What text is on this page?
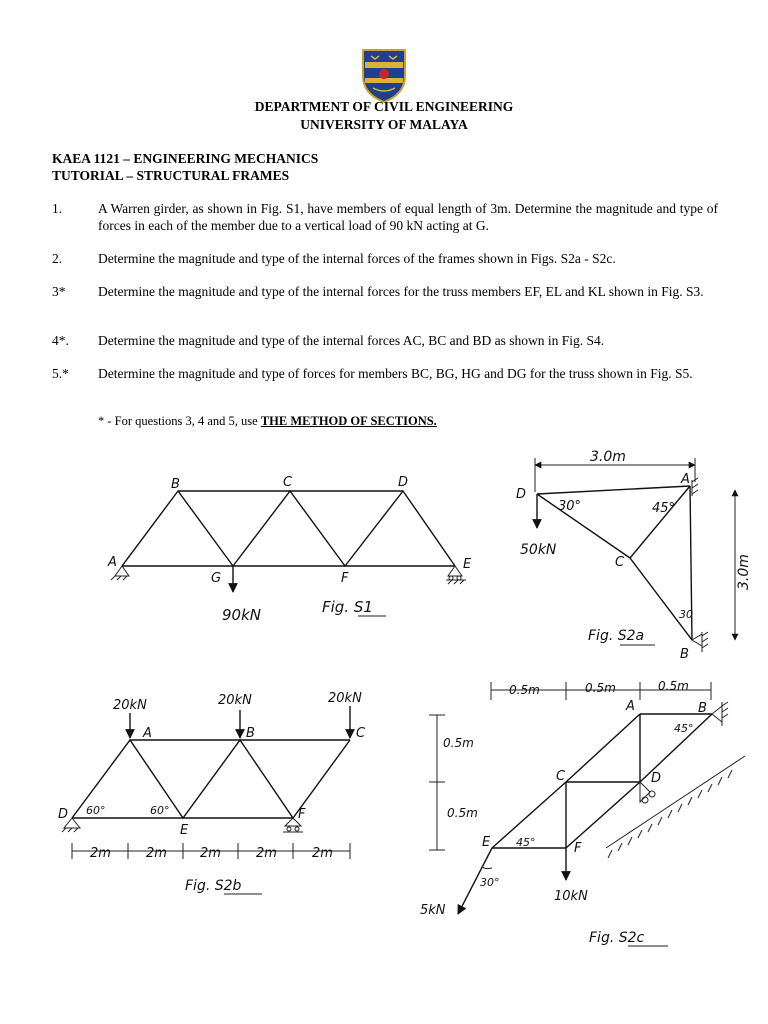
DEPARTMENT OF CIVIL ENGINEERING
UNIVERSITY OF MALAYA
KAEA 1121 – ENGINEERING MECHANICS
TUTORIAL – STRUCTURAL FRAMES
1.	A Warren girder, as shown in Fig. S1, have members of equal length of 3m. Determine the magnitude and type of forces in each of the member due to a vertical load of 90 kN acting at G.
2.	Determine the magnitude and type of the internal forces of the frames shown in Figs. S2a - S2c.
3* Determine the magnitude and type of the internal forces for the truss members EF, EL and KL shown in Fig. S3.
4*. Determine the magnitude and type of the internal forces AC, BC and BD as shown in Fig. S4.
5.* Determine the magnitude and type of forces for members BC, BG, HG and DG for the truss shown in Fig. S5.
* - For questions 3, 4 and 5, use THE METHOD OF SECTIONS.
A
B	C	D
E
F
G
90kN	Fig. S1
3.0m
3.0m
D
A
C
B
50kN
30°	45°
30
Fig. S2a
20kN	20kN	20kN
A	B	C
D
E
F
60°	60°
2m	2m	2m	2m	2m
Fig. S2b
0.5m	0.5m	0.5m
0.5m
0.5m
A	B
C	D
E	F
45°
45°
30°
10kN
5kN
Fig. S2c
